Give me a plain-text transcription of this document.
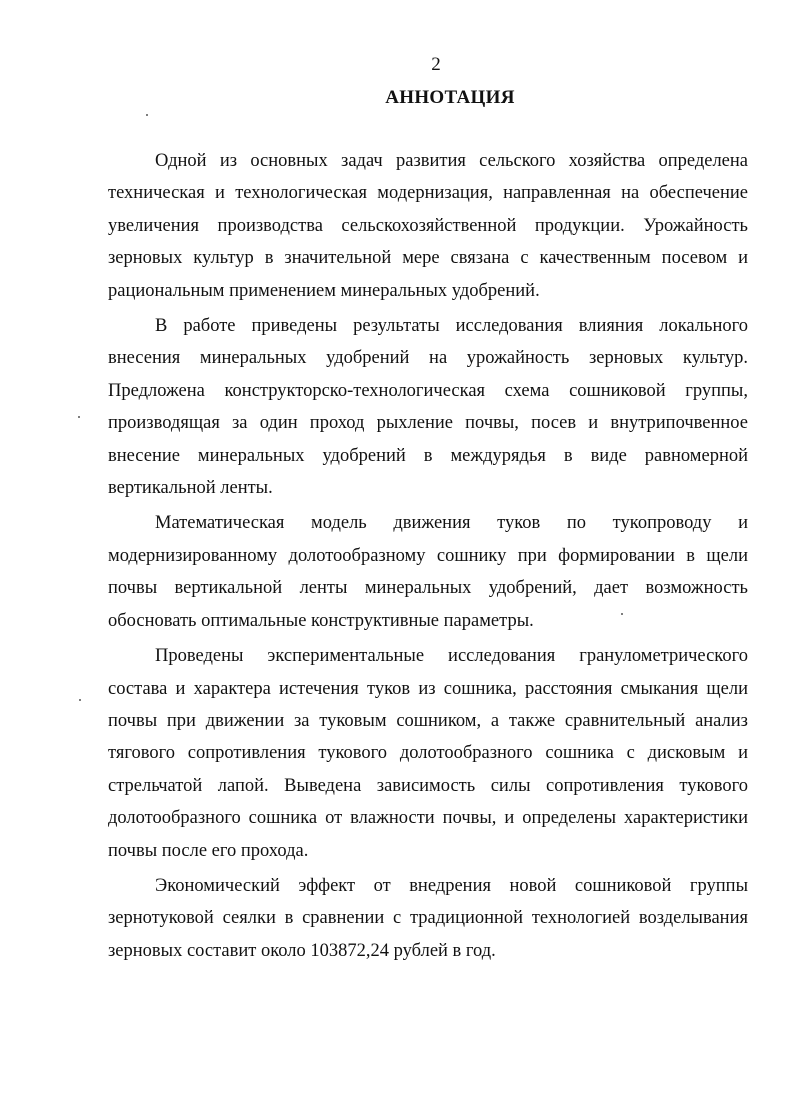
2
АННОТАЦИЯ

Одной из основных задач развития сельского хозяйства определена техническая и технологическая модернизация, направленная на обеспечение увеличения производства сельскохозяйственной продукции. Урожайность зерновых культур в значительной мере связана с качественным посевом и рациональным применением минеральных удобрений.

В работе приведены результаты исследования влияния локального внесения минеральных удобрений на урожайность зерновых культур. Предложена конструкторско-технологическая схема сошниковой группы, производящая за один проход рыхление почвы, посев и внутрипочвенное внесение минеральных удобрений в междурядья в виде равномерной вертикальной ленты.

Математическая модель движения туков по тукопроводу и модернизированному долотообразному сошнику при формировании в щели почвы вертикальной ленты минеральных удобрений, дает возможность обосновать оптимальные конструктивные параметры.

Проведены экспериментальные исследования гранулометрического состава и характера истечения туков из сошника, расстояния смыкания щели почвы при движении за туковым сошником, а также сравнительный анализ тягового сопротивления тукового долотообразного сошника с дисковым и стрельчатой лапой. Выведена зависимость силы сопротивления тукового долотообразного сошника от влажности почвы, и определены характеристики почвы после его прохода.

Экономический эффект от внедрения новой сошниковой группы зернотуковой сеялки в сравнении с традиционной технологией возделывания зерновых составит около 103872,24 рублей в год.
